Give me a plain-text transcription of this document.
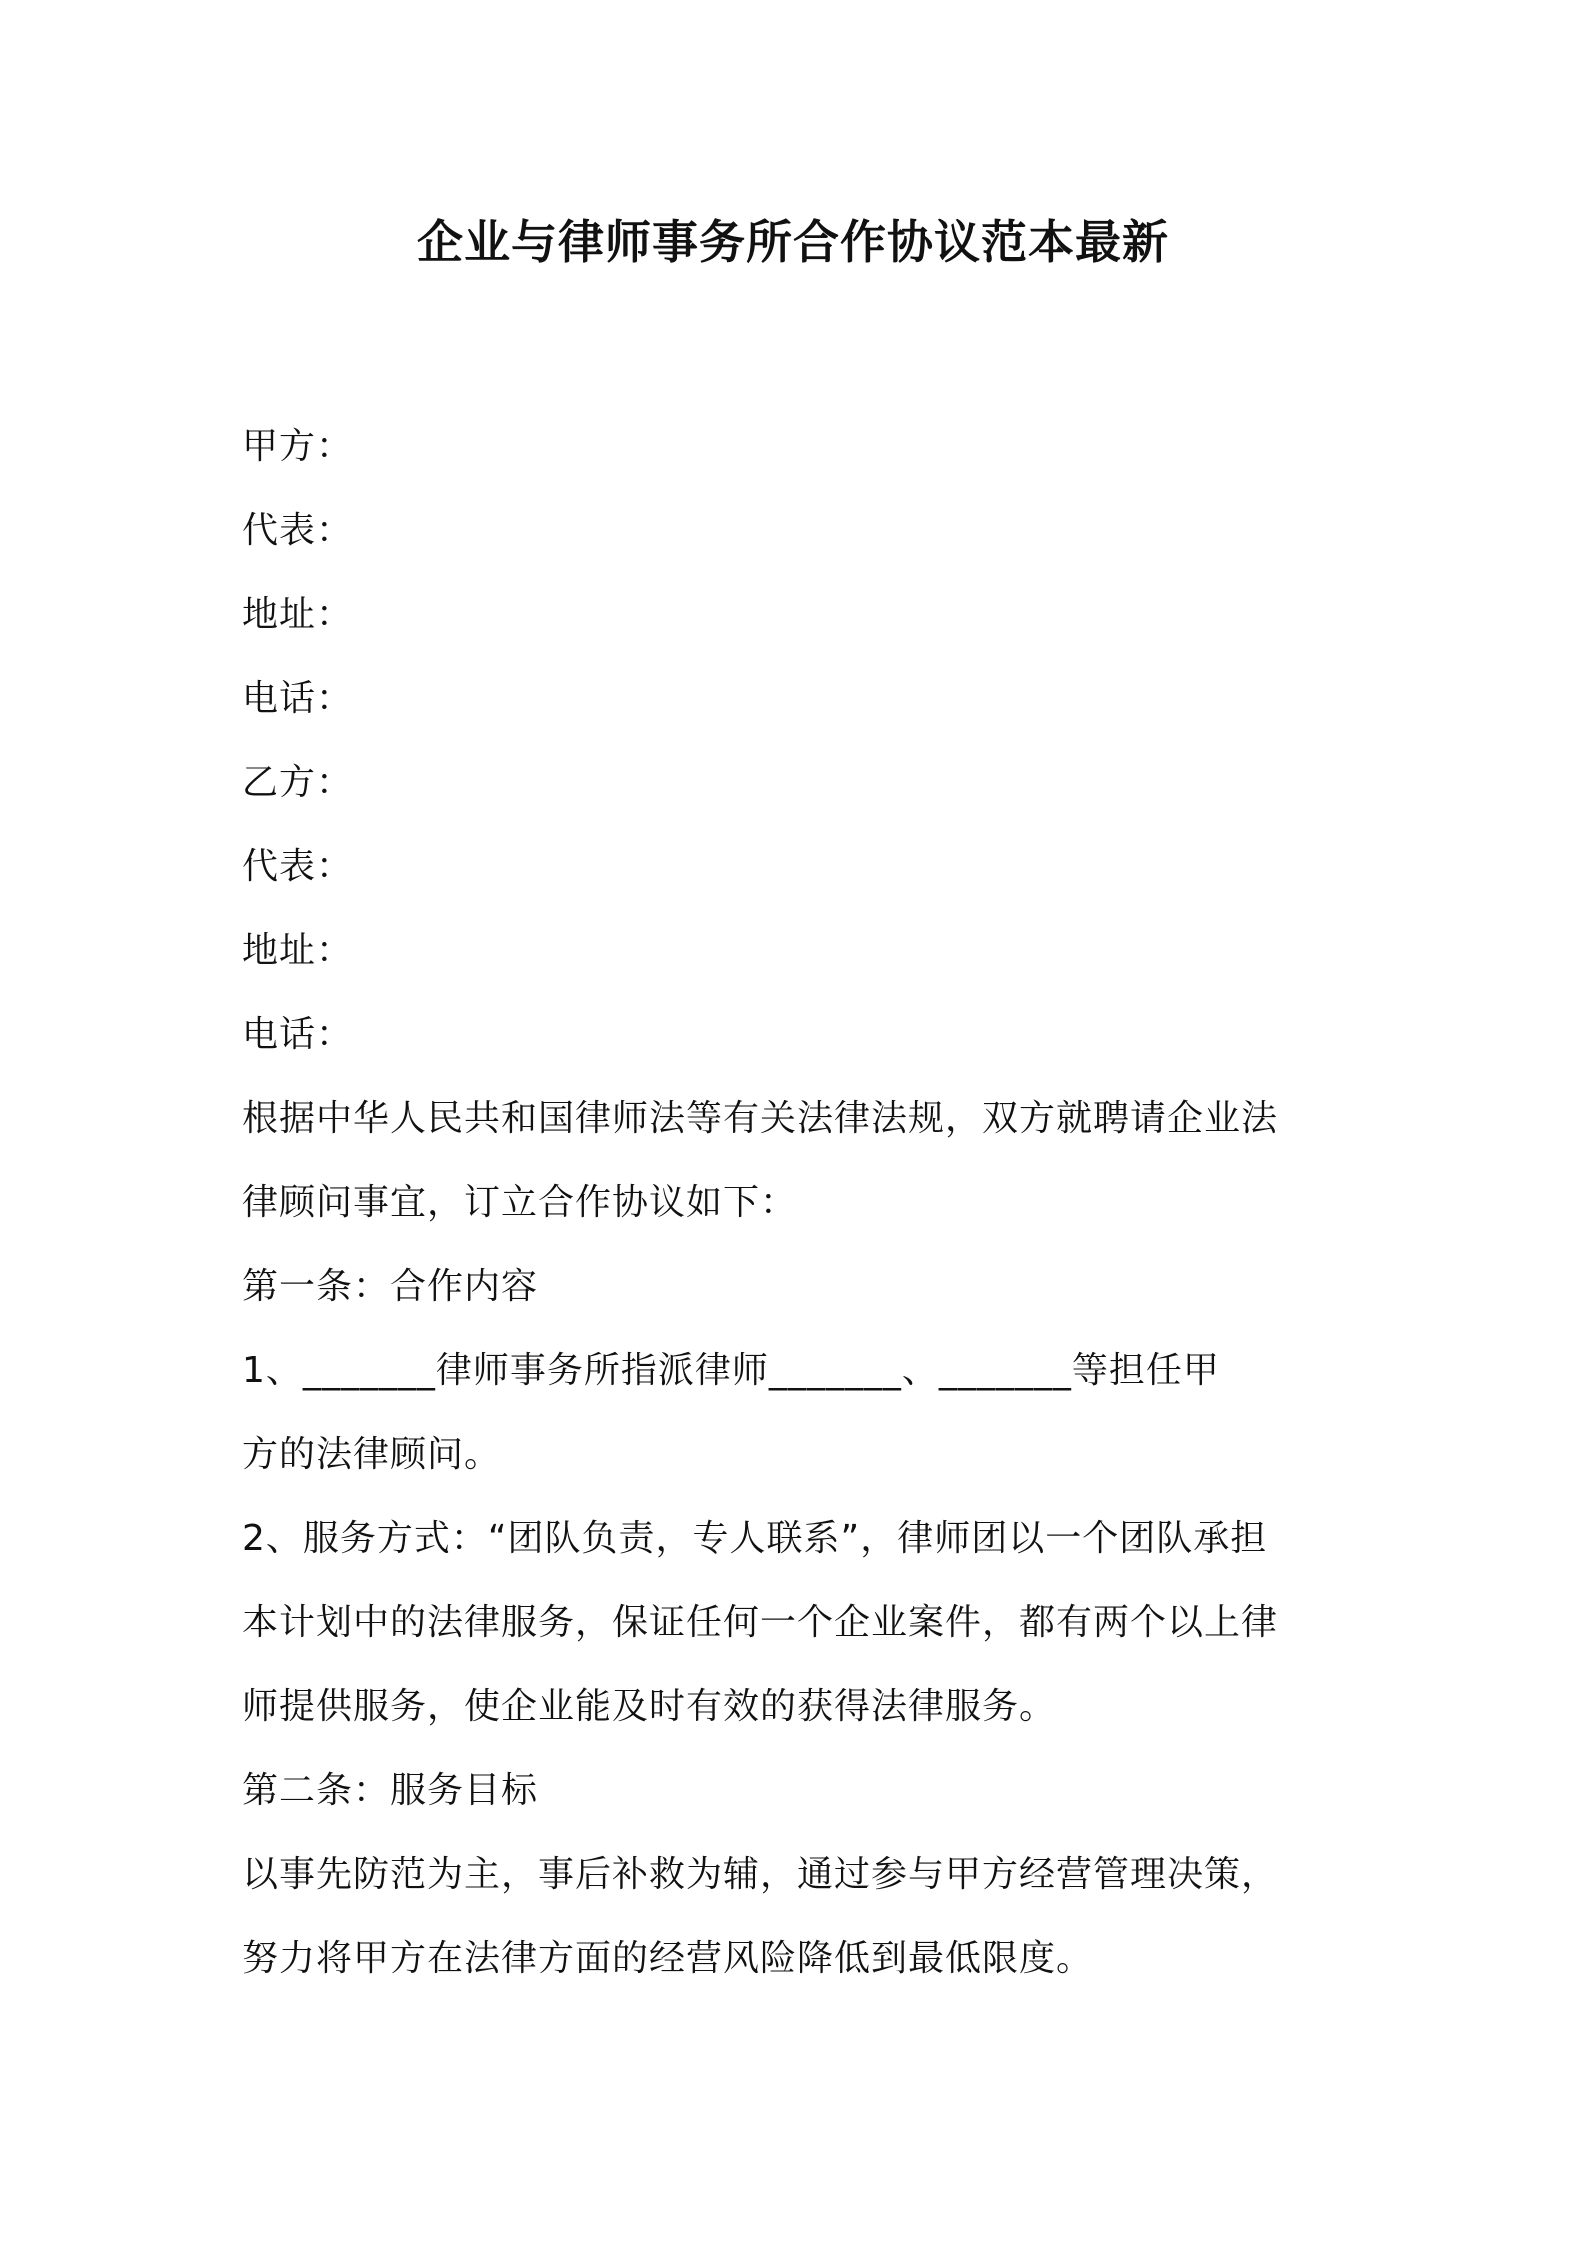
企业与律师事务所合作协议范本最新
甲方：
代表：
地址：
电话：
乙方：
代表：
地址：
电话：
根据中华人民共和国律师法等有关法律法规，双方就聘请企业法
律顾问事宜，订立合作协议如下：
第一条：合作内容
1、_______律师事务所指派律师_______、_______等担任甲
方的法律顾问。
2、服务方式：“团队负责，专人联系”，律师团以一个团队承担
本计划中的法律服务，保证任何一个企业案件，都有两个以上律
师提供服务，使企业能及时有效的获得法律服务。
第二条：服务目标
以事先防范为主，事后补救为辅，通过参与甲方经营管理决策，
努力将甲方在法律方面的经营风险降低到最低限度。
